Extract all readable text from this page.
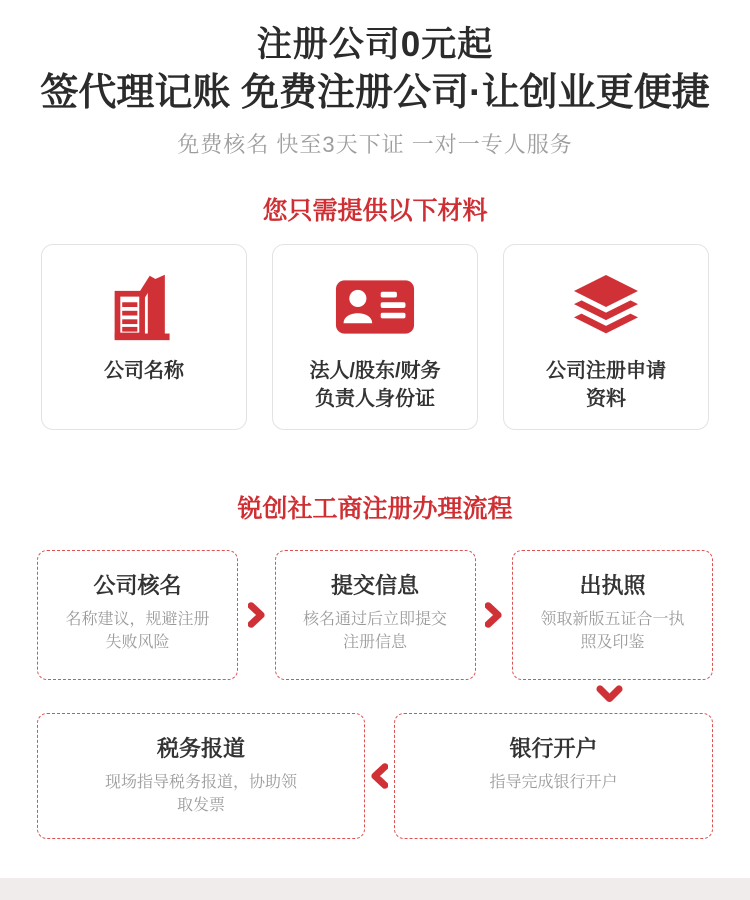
注册公司0元起
签代理记账 免费注册公司·让创业更便捷
免费核名 快至3天下证 一对一专人服务
您只需提供以下材料
公司名称	法人/股东/财务
负责人身份证
公司注册申请
资料
锐创社工商注册办理流程
公司核名
名称建议，规避注册
失败风险
提交信息
核名通过后立即提交
注册信息
出执照
领取新版五证合一执
照及印鉴
税务报道
现场指导税务报道，协助领
取发票
银行开户
指导完成银行开户
